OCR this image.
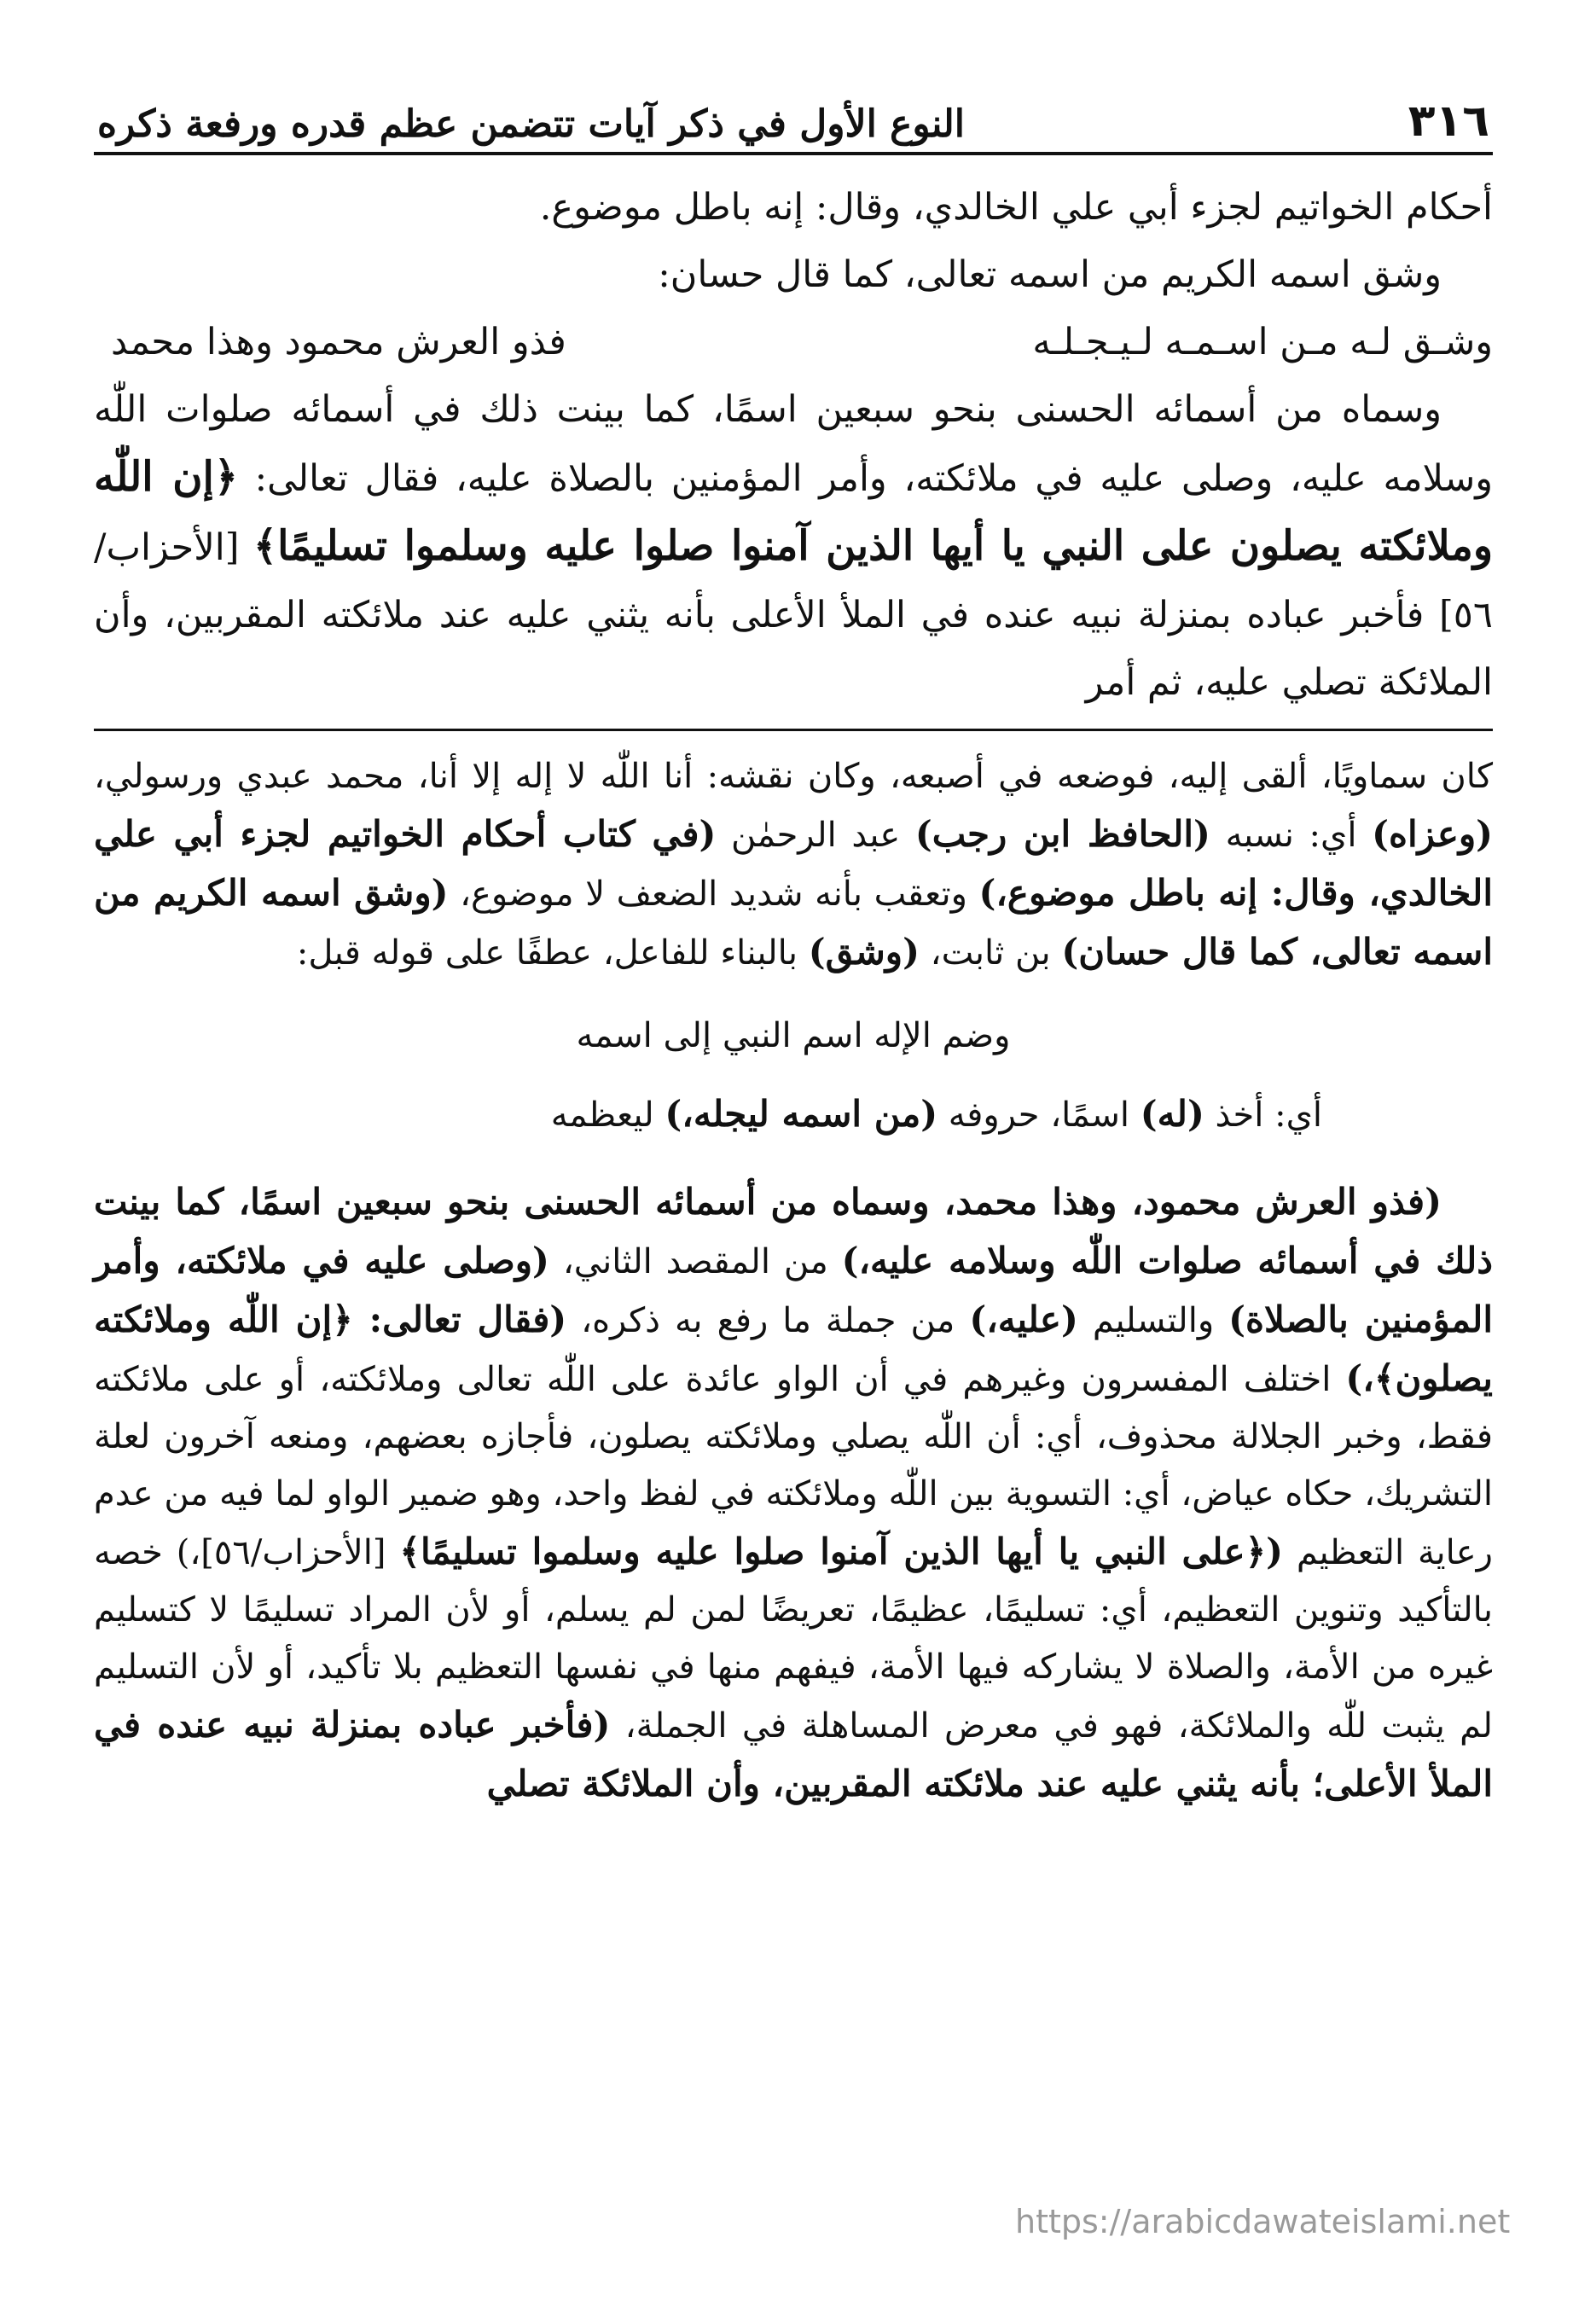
٣١٦
النوع الأول في ذكر آيات تتضمن عظم قدره ورفعة ذكره

أحكام الخواتيم لجزء أبي علي الخالدي، وقال: إنه باطل موضوع.

وشق اسمه الكريم من اسمه تعالى، كما قال حسان:

وشـق لـه مـن اسـمـه لـيـجـلـه
فذو العرش محمود وهذا محمد

وسماه من أسمائه الحسنى بنحو سبعين اسمًا، كما بينت ذلك في أسمائه صلوات اللّٰه وسلامه عليه، وصلى عليه في ملائكته، وأمر المؤمنين بالصلاة عليه، فقال تعالى: ﴿إن اللّٰه وملائكته يصلون على النبي يا أيها الذين آمنوا صلوا عليه وسلموا تسليمًا﴾ [الأحزاب/٥٦] فأخبر عباده بمنزلة نبيه عنده في الملأ الأعلى بأنه يثني عليه عند ملائكته المقربين، وأن الملائكة تصلي عليه، ثم أمر

كان سماويًا، ألقى إليه، فوضعه في أصبعه، وكان نقشه: أنا اللّٰه لا إله إلا أنا، محمد عبدي ورسولي، (وعزاه) أي: نسبه (الحافظ ابن رجب) عبد الرحمٰن (في كتاب أحكام الخواتيم لجزء أبي علي الخالدي، وقال: إنه باطل موضوع،) وتعقب بأنه شديد الضعف لا موضوع، (وشق اسمه الكريم من اسمه تعالى، كما قال حسان) بن ثابت، (وشق) بالبناء للفاعل، عطفًا على قوله قبل:

وضم الإله اسم النبي إلى اسمه

أي: أخذ (له) اسمًا، حروفه (من اسمه ليجله،) ليعظمه

(فذو العرش محمود، وهذا محمد، وسماه من أسمائه الحسنى بنحو سبعين اسمًا، كما بينت ذلك في أسمائه صلوات اللّٰه وسلامه عليه،) من المقصد الثاني، (وصلى عليه في ملائكته، وأمر المؤمنين بالصلاة) والتسليم (عليه،) من جملة ما رفع به ذكره، (فقال تعالى: ﴿إن اللّٰه وملائكته يصلون﴾،) اختلف المفسرون وغيرهم في أن الواو عائدة على اللّٰه تعالى وملائكته، أو على ملائكته فقط، وخبر الجلالة محذوف، أي: أن اللّٰه يصلي وملائكته يصلون، فأجازه بعضهم، ومنعه آخرون لعلة التشريك، حكاه عياض، أي: التسوية بين اللّٰه وملائكته في لفظ واحد، وهو ضمير الواو لما فيه من عدم رعاية التعظيم (﴿على النبي يا أيها الذين آمنوا صلوا عليه وسلموا تسليمًا﴾ [الأحزاب/٥٦]،) خصه بالتأكيد وتنوين التعظيم، أي: تسليمًا، عظيمًا، تعريضًا لمن لم يسلم، أو لأن المراد تسليمًا لا كتسليم غيره من الأمة، والصلاة لا يشاركه فيها الأمة، فيفهم منها في نفسها التعظيم بلا تأكيد، أو لأن التسليم لم يثبت للّٰه والملائكة، فهو في معرض المساهلة في الجملة، (فأخبر عباده بمنزلة نبيه عنده في الملأ الأعلى؛ بأنه يثني عليه عند ملائكته المقربين، وأن الملائكة تصلي

https://arabicdawateislami.net
